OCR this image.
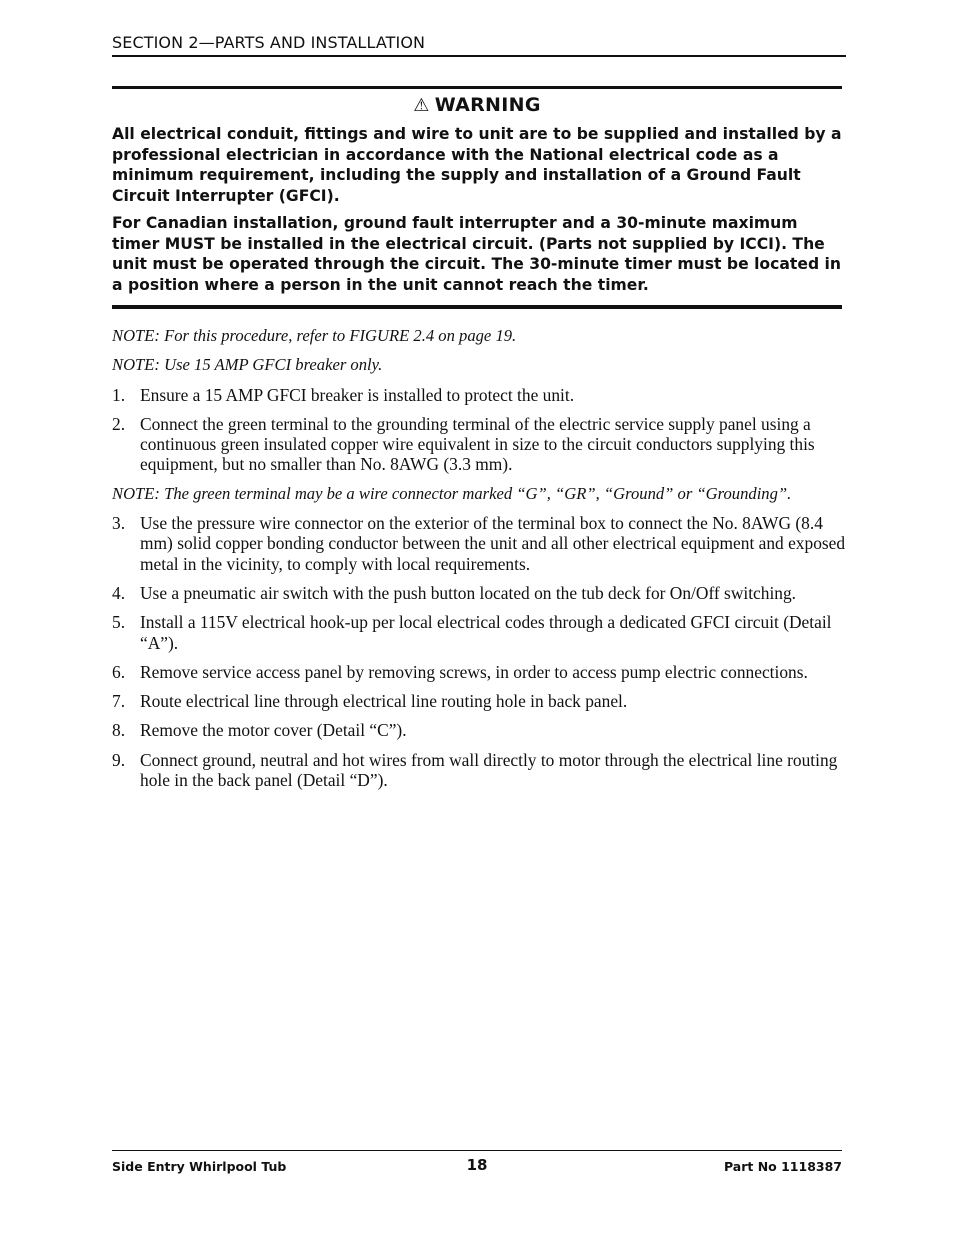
SECTION 2—PARTS AND INSTALLATION
⚠ WARNING

All electrical conduit, fittings and wire to unit are to be supplied and installed by a professional electrician in accordance with the National electrical code as a minimum requirement, including the supply and installation of a Ground Fault Circuit Interrupter (GFCI).

For Canadian installation, ground fault interrupter and a 30-minute maximum timer MUST be installed in the electrical circuit. (Parts not supplied by ICCI). The unit must be operated through the circuit. The 30-minute timer must be located in a position where a person in the unit cannot reach the timer.

NOTE: For this procedure, refer to FIGURE 2.4 on page 19.

NOTE: Use 15 AMP GFCI breaker only.

1. Ensure a 15 AMP GFCI breaker is installed to protect the unit.
2. Connect the green terminal to the grounding terminal of the electric service supply panel using a continuous green insulated copper wire equivalent in size to the circuit conductors supplying this equipment, but no smaller than No. 8AWG (3.3 mm).

NOTE: The green terminal may be a wire connector marked “G”, “GR”, “Ground” or “Grounding”.

3. Use the pressure wire connector on the exterior of the terminal box to connect the No. 8AWG (8.4 mm) solid copper bonding conductor between the unit and all other electrical equipment and exposed metal in the vicinity, to comply with local requirements.
4. Use a pneumatic air switch with the push button located on the tub deck for On/Off switching.
5. Install a 115V electrical hook-up per local electrical codes through a dedicated GFCI circuit (Detail “A”).
6. Remove service access panel by removing screws, in order to access pump electric connections.
7. Route electrical line through electrical line routing hole in back panel.
8. Remove the motor cover (Detail “C”).
9. Connect ground, neutral and hot wires from wall directly to motor through the electrical line routing hole in the back panel (Detail “D”).
Side Entry Whirlpool Tub	18	Part No 1118387
